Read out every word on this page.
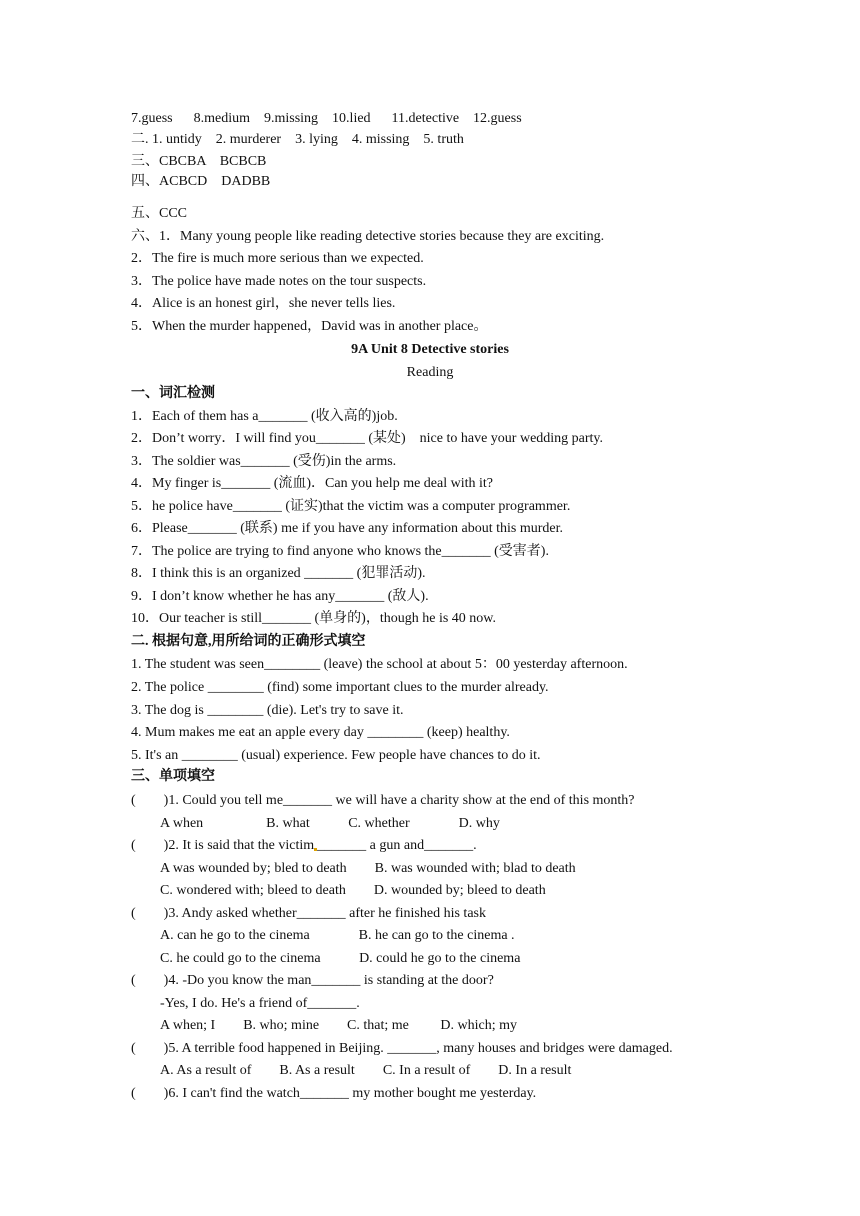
7.guess      8.medium    9.missing    10.lied      11.detective    12.guess
二. 1. untidy    2. murderer    3. lying    4. missing    5. truth
三、CBCBA    BCBCB
四、ACBCD    DADBB
五、CCC
六、1．Many young people like reading detective stories because they are exciting.
2．The fire is much more serious than we expected.
3．The police have made notes on the tour suspects.
4．Alice is an honest girl，she never tells lies.
5．When the murder happened，David was in another place。
9A Unit 8 Detective stories
Reading
一、词汇检测
1．Each of them has a_______ (收入高的)job.
2．Don’t worry．I will find you_______ (某处)    nice to have your wedding party.
3．The soldier was_______ (受伤)in the arms.
4．My finger is_______ (流血)．Can you help me deal with it?
5．he police have_______ (证实)that the victim was a computer programmer.
6．Please_______ (联系) me if you have any information about this murder.
7．The police are trying to find anyone who knows the_______ (受害者).
8．I think this is an organized _______ (犯罪活动).
9．I don’t know whether he has any_______ (敌人).
10．Our teacher is still_______ (单身的)，though he is 40 now.
二. 根据句意,用所给词的正确形式填空
1. The student was seen________ (leave) the school at about 5：00 yesterday afternoon.
2. The police ________ (find) some important clues to the murder already.
3. The dog is ________ (die). Let's try to save it.
4. Mum makes me eat an apple every day ________ (keep) healthy.
5. It's an ________ (usual) experience. Few people have chances to do it.
三、单项填空
(        )1. Could you tell me_______ we will have a charity show at the end of this month?
A when                  B. what           C. whether              D. why
(        )2. It is said that the victim _______ a gun and_______.
A was wounded by; bled to death        B. was wounded with; blad to death
C. wondered with; bleed to death        D. wounded by; bleed to death
(        )3. Andy asked whether_______ after he finished his task
A. can he go to the cinema              B. he can go to the cinema .
C. he could go to the cinema           D. could he go to the cinema
(        )4. -Do you know the man_______ is standing at the door?
-Yes, I do. He's a friend of_______.
A when; I        B. who; mine        C. that; me         D. which; my
(        )5. A terrible food happened in Beijing. _______, many houses and bridges were damaged.
A. As a result of        B. As a result        C. In a result of        D. In a result
(        )6. I can't find the watch_______ my mother bought me yesterday.
